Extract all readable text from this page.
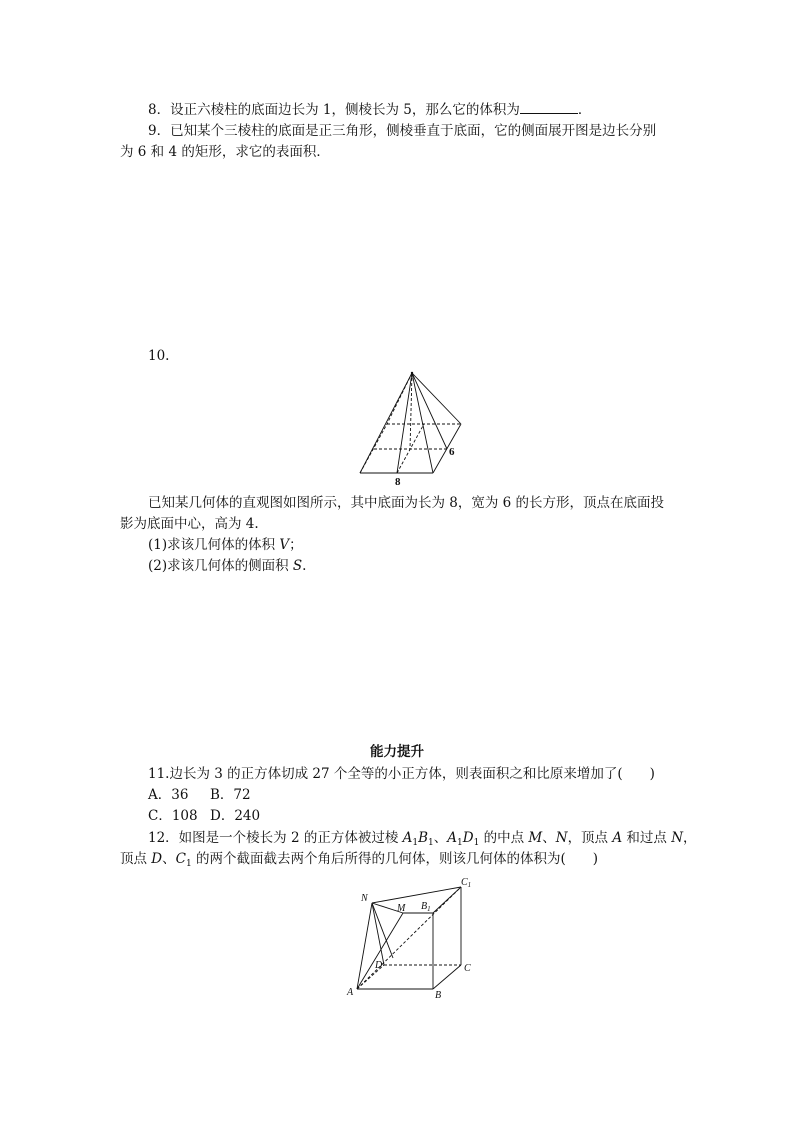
8．设正六棱柱的底面边长为 1，侧棱长为 5，那么它的体积为	．
9．已知某个三棱柱的底面是正三角形，侧棱垂直于底面，它的侧面展开图是边长分别
为 6 和 4 的矩形，求它的表面积．
10.
8
6
已知某几何体的直观图如图所示，其中底面为长为 8，宽为 6 的长方形，顶点在底面投
影为底面中心，高为 4.
(1)求该几何体的体积 V；
(2)求该几何体的侧面积 S.
能力提升
11.边长为 3 的正方体切成 27 个全等的小正方体，则表面积之和比原来增加了(　　)
A．36 B．72
C．108 D．240
12．如图是一个棱长为 2 的正方体被过棱 $A_1B_1$、$A_1D_1$ 的中点 M、N，顶点 A 和过点 N，
顶点 D、$C_1$ 的两个截面截去两个角后所得的几何体，则该几何体的体积为(　　)
N
M $B_1$
$C_1$
D	C
A	B
